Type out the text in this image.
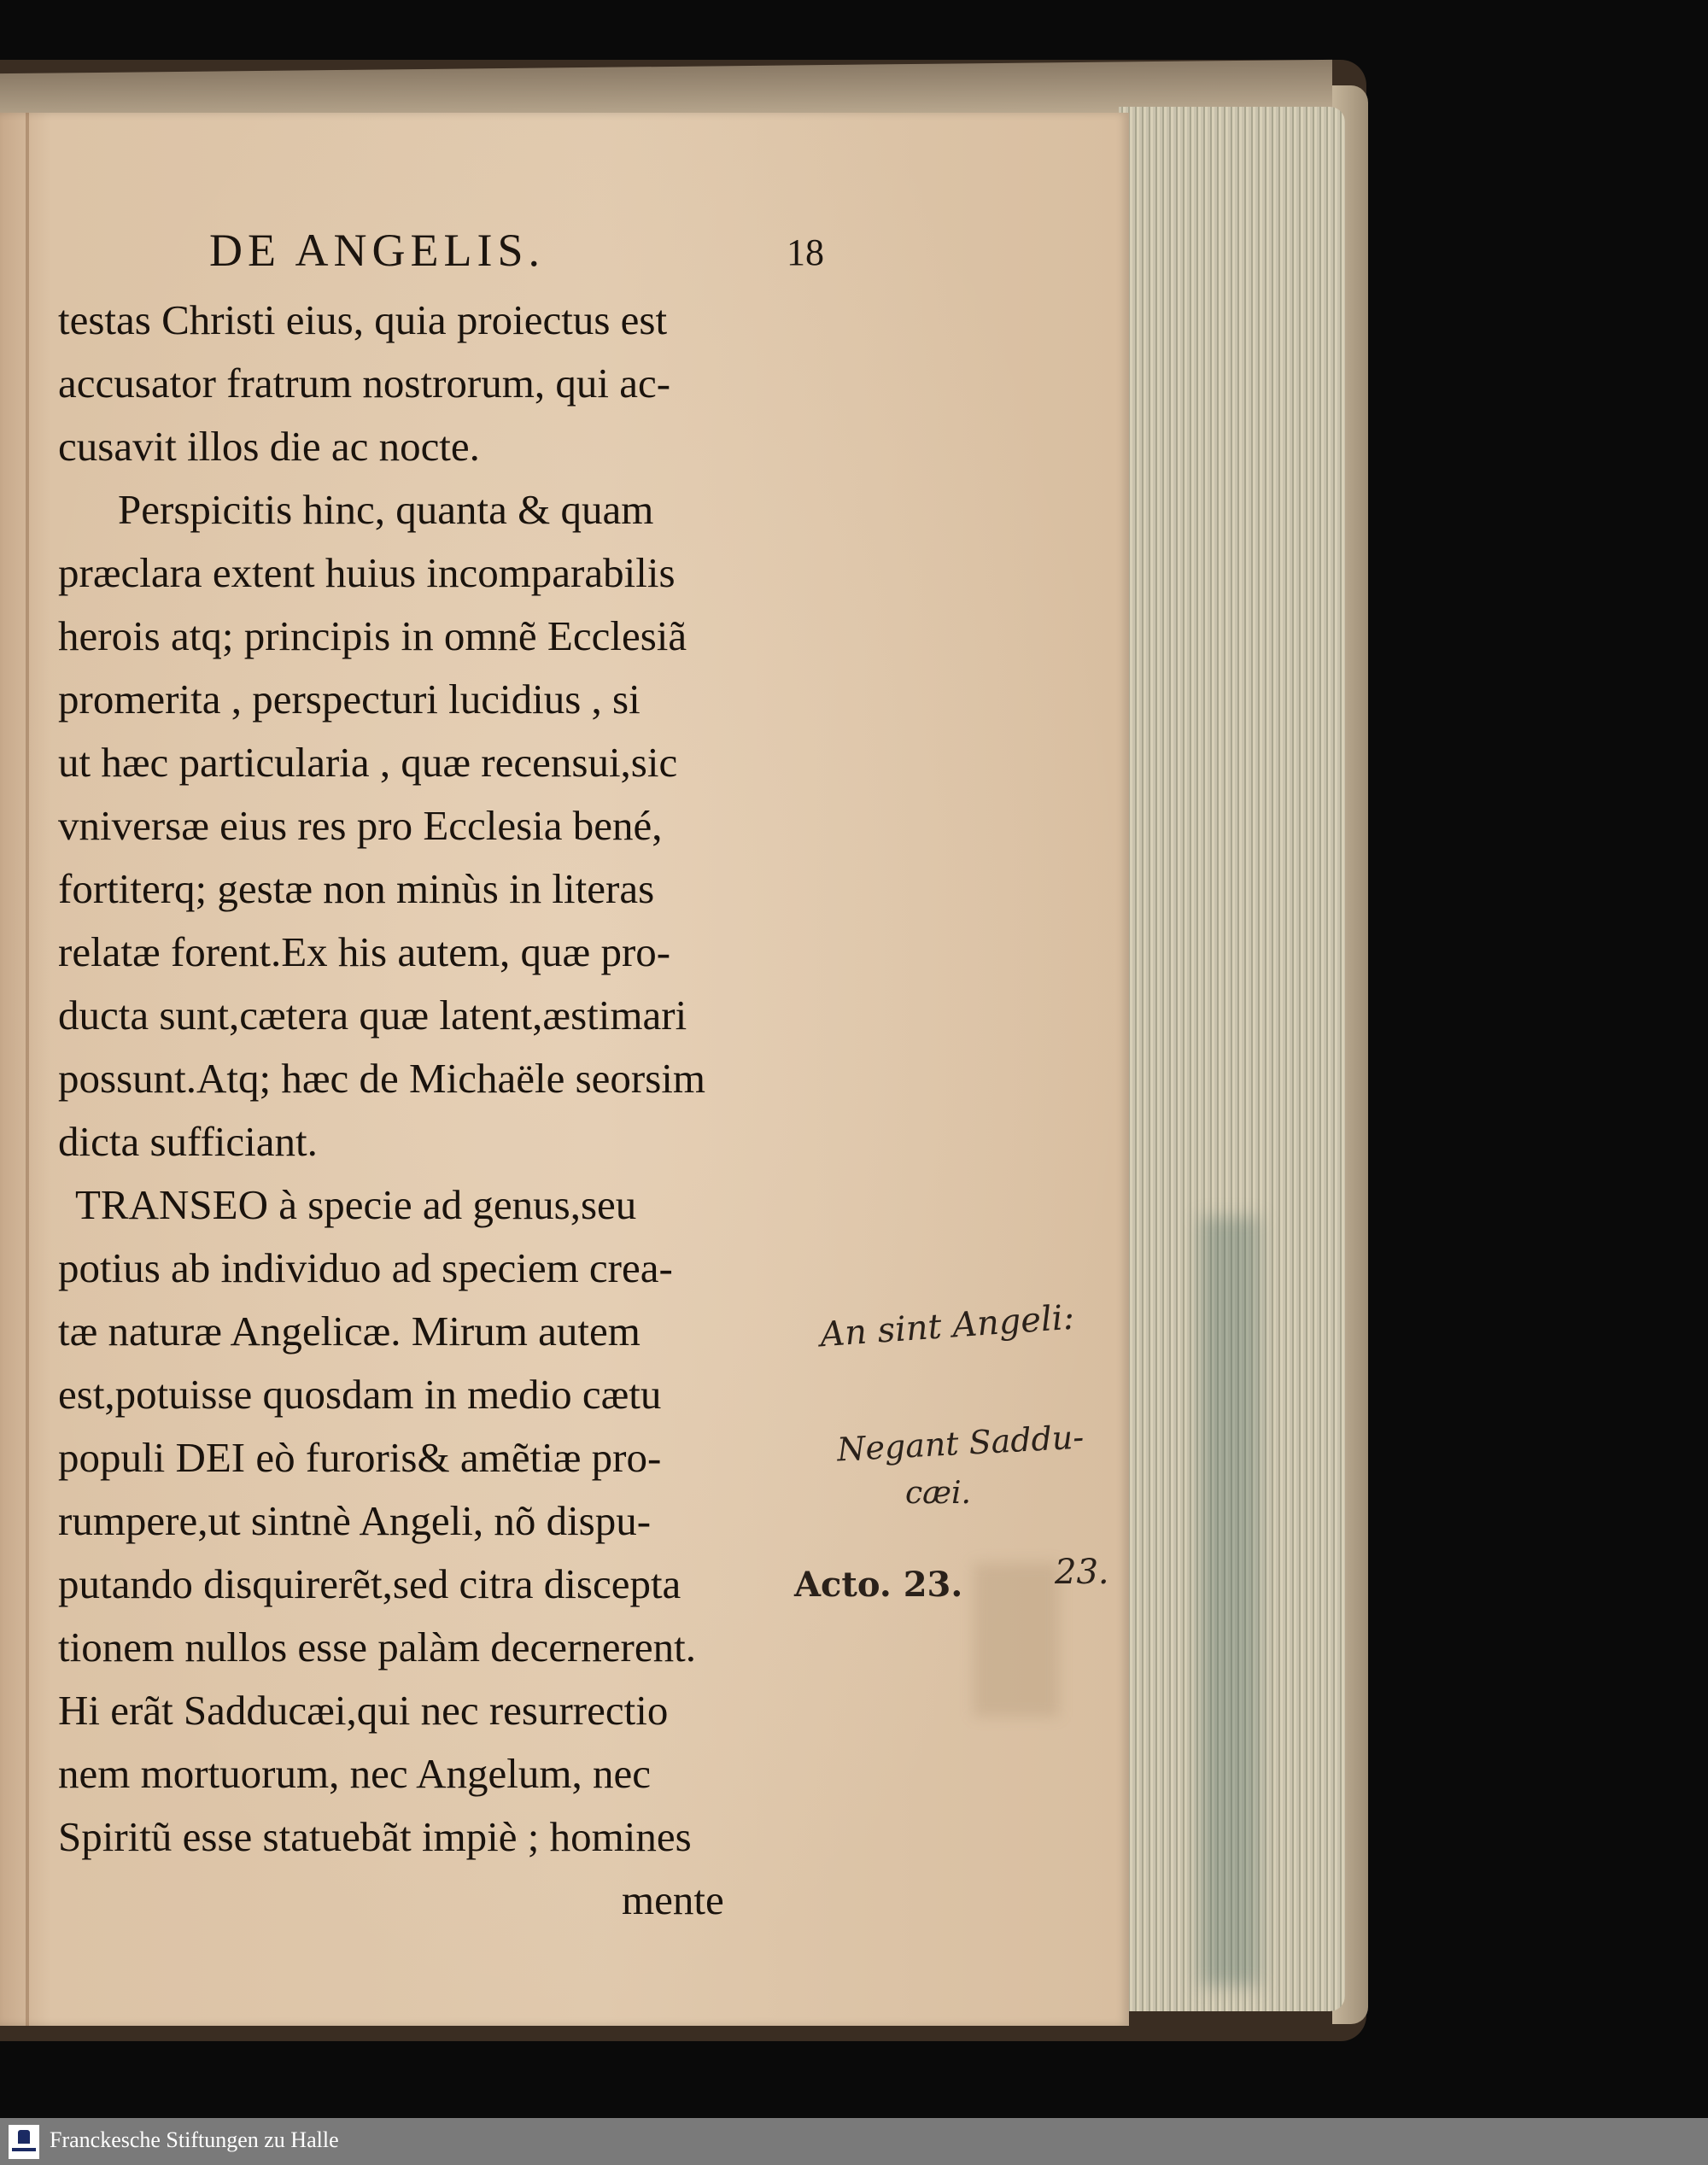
DE ANGELIS.	18
testas Christi eius, quia proiectus est
accusator fratrum nostrorum, qui ac-
cusavit illos die ac nocte.
Perspicitis hinc, quanta & quam
præclara extent huius incomparabilis
herois atq; principis in omnẽ Ecclesiã
promerita , perspecturi lucidius , si
ut hæc particularia , quæ recensui,sic
vniversæ eius res pro Ecclesia bené,
fortiterq; gestæ non minùs in literas
relatæ forent.Ex his autem, quæ pro-
ducta sunt,cætera quæ latent,æstimari
possunt.Atq; hæc de Michaële seorsim
dicta sufficiant.
TRANSEO à specie ad genus,seu
potius ab individuo ad speciem crea-
tæ naturæ Angelicæ. Mirum autem
est,potuisse quosdam in medio cætu
populi DEI eò furoris& amẽtiæ pro-
rumpere,ut sintnè Angeli, nõ dispu-
putando disquirerẽt,sed citra discepta
tionem nullos esse palàm decernerent.
Hi erãt Sadducæi,qui nec resurrectio
nem mortuorum, nec Angelum, nec
Spiritũ esse statuebãt impiè ; homines
mente
An sint Angeli:
Negant Saddu-
cæi.
Acto. 23.	23.
Franckesche Stiftungen zu Halle
